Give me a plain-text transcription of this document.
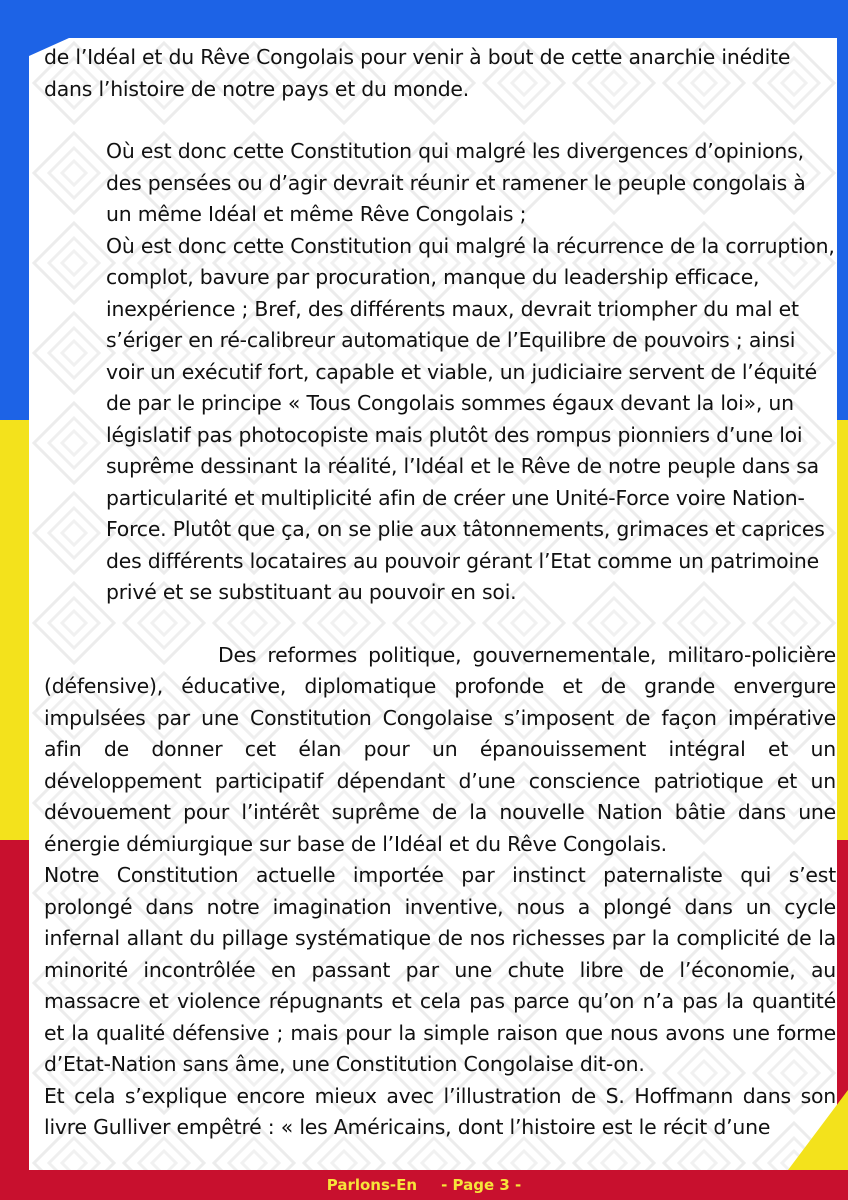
de l’Idéal et du Rêve Congolais pour venir à bout de cette anarchie inédite dans l’histoire de notre pays et du monde.

Où est donc cette Constitution qui malgré les divergences d’opinions, des pensées ou d’agir devrait réunir et ramener le peuple congolais à un même Idéal et même Rêve Congolais ;

Où est donc cette Constitution qui malgré la récurrence de la corruption, complot, bavure par procuration, manque du leadership efficace, inexpérience ; Bref, des différents maux, devrait triompher du mal et s’ériger en ré-calibreur automatique de l’Equilibre de pouvoirs ; ainsi voir un exécutif fort, capable et viable, un judiciaire servent de l’équité de par le principe « Tous Congolais sommes égaux devant la loi», un législatif pas photocopiste mais plutôt des rompus pionniers d’une loi suprême dessinant la réalité, l’Idéal et le Rêve de notre peuple dans sa particularité et multiplicité afin de créer une Unité-Force voire Nation-Force. Plutôt que ça, on se plie aux tâtonnements, grimaces et caprices des différents locataires au pouvoir gérant l’Etat comme un patrimoine privé et se substituant au pouvoir en soi.

Des reformes politique, gouvernementale, militaro-policière (défensive), éducative, diplomatique profonde et de grande envergure impulsées par une Constitution Congolaise s’imposent de façon impérative afin de donner cet élan pour un épanouissement intégral et un développement participatif dépendant d’une conscience patriotique et un dévouement pour l’intérêt suprême de la nouvelle Nation bâtie dans une énergie démiurgique sur base de l’Idéal et du Rêve Congolais.

Notre Constitution actuelle importée par instinct paternaliste qui s’est prolongé dans notre imagination inventive, nous a plongé dans un cycle infernal allant du pillage systématique de nos richesses par la complicité de la minorité incontrôlée en passant par une chute libre de l’économie, au massacre et violence répugnants et cela pas parce qu’on n’a pas la quantité et la qualité défensive ; mais pour la simple raison que nous avons une forme d’Etat-Nation sans âme, une Constitution Congolaise dit-on.

Et cela s’explique encore mieux avec l’illustration de S. Hoffmann dans son livre Gulliver empêtré : « les Américains, dont l’histoire est le récit d’une

Parlons-En - Page 3 -
